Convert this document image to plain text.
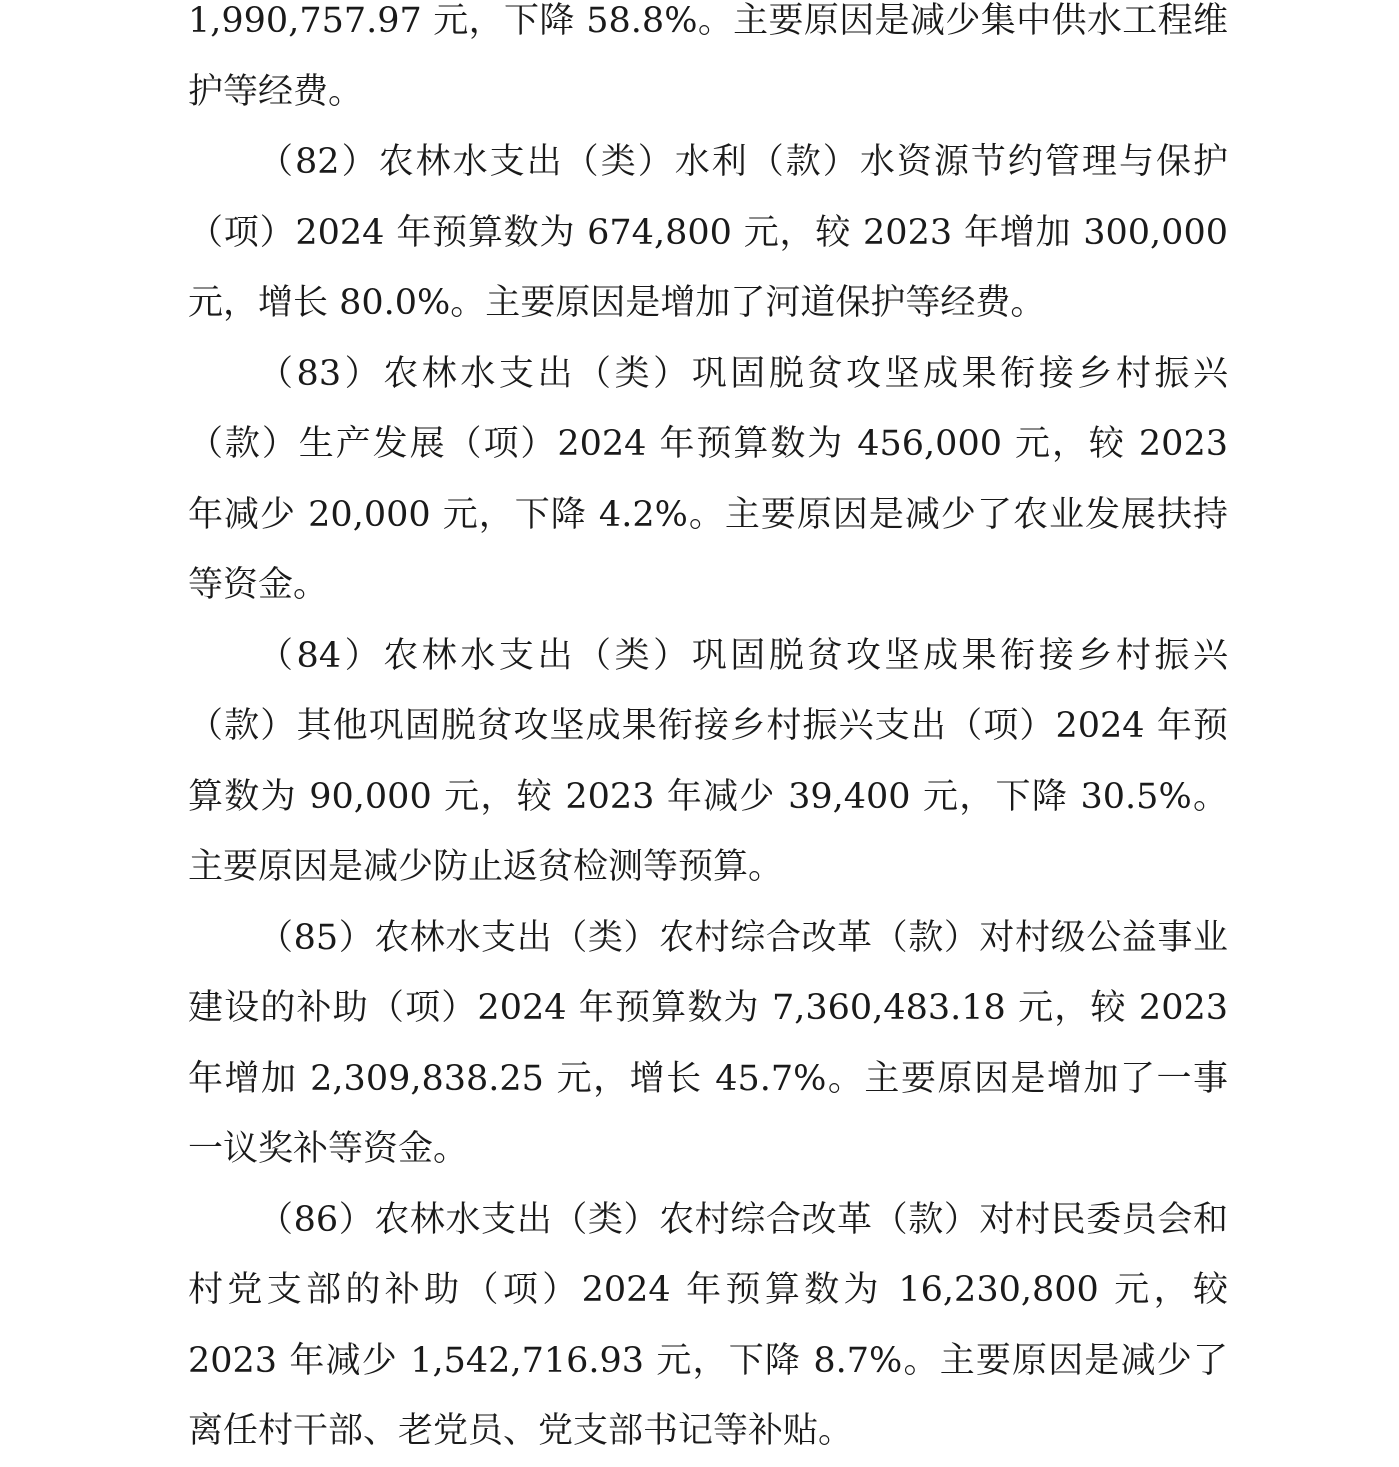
1,990,757.97 元，下降 58.8%。主要原因是减少集中供水工程维护等经费。

（82）农林水支出（类）水利（款）水资源节约管理与保护（项）2024 年预算数为 674,800 元，较 2023 年增加 300,000 元，增长 80.0%。主要原因是增加了河道保护等经费。

（83）农林水支出（类）巩固脱贫攻坚成果衔接乡村振兴（款）生产发展（项）2024 年预算数为 456,000 元，较 2023 年减少 20,000 元，下降 4.2%。主要原因是减少了农业发展扶持等资金。

（84）农林水支出（类）巩固脱贫攻坚成果衔接乡村振兴（款）其他巩固脱贫攻坚成果衔接乡村振兴支出（项）2024 年预算数为 90,000 元，较 2023 年减少 39,400 元，下降 30.5%。主要原因是减少防止返贫检测等预算。

（85）农林水支出（类）农村综合改革（款）对村级公益事业建设的补助（项）2024 年预算数为 7,360,483.18 元，较 2023 年增加 2,309,838.25 元，增长 45.7%。主要原因是增加了一事一议奖补等资金。

（86）农林水支出（类）农村综合改革（款）对村民委员会和村党支部的补助（项）2024 年预算数为 16,230,800 元，较 2023 年减少 1,542,716.93 元，下降 8.7%。主要原因是减少了离任村干部、老党员、党支部书记等补贴。
